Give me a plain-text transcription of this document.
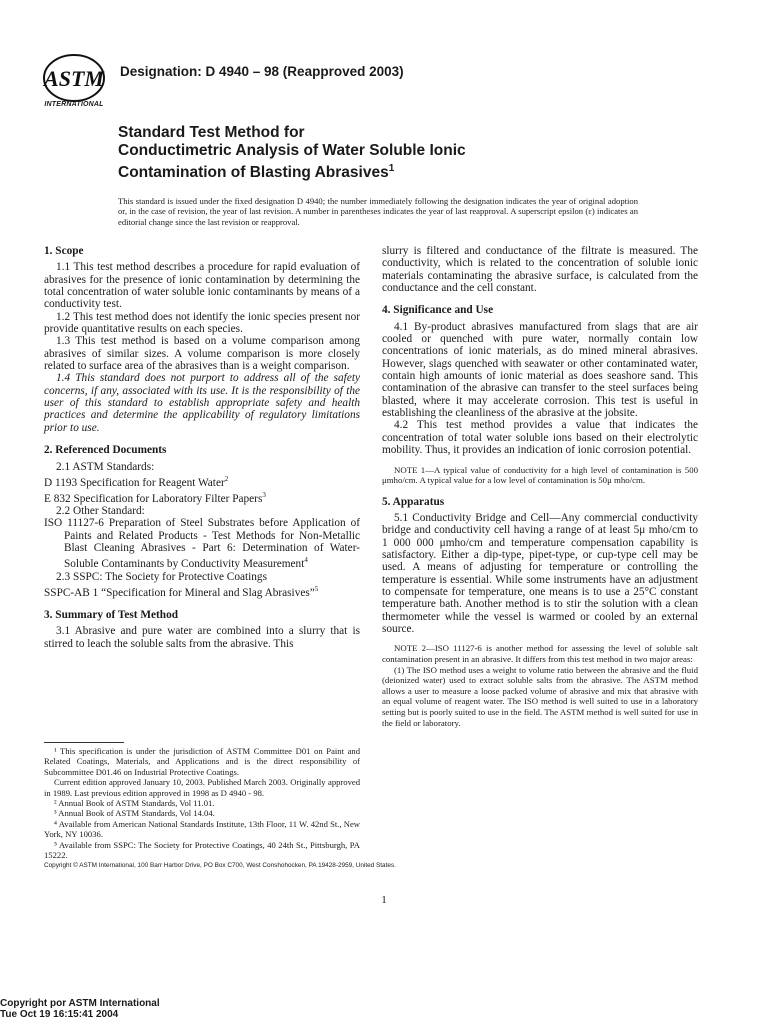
ASTM
INTERNATIONAL
Designation: D 4940 – 98 (Reapproved 2003)
Standard Test Method for
Conductimetric Analysis of Water Soluble Ionic
Contamination of Blasting Abrasives$^1$

This standard is issued under the fixed designation D 4940; the number immediately following the designation indicates the year of original adoption or, in the case of revision, the year of last revision. A number in parentheses indicates the year of last reapproval. A superscript epsilon (ε) indicates an editorial change since the last revision or reapproval.

1. Scope

1.1 This test method describes a procedure for rapid evaluation of abrasives for the presence of ionic contamination by determining the total concentration of water soluble ionic contaminants by means of a conductivity test.

1.2 This test method does not identify the ionic species present nor provide quantitative results on each species.

1.3 This test method is based on a volume comparison among abrasives of similar sizes. A volume comparison is more closely related to surface area of the abrasives than is a weight comparison.

1.4 This standard does not purport to address all of the safety concerns, if any, associated with its use. It is the responsibility of the user of this standard to establish appropriate safety and health practices and determine the applicability of regulatory limitations prior to use.

2. Referenced Documents

2.1 ASTM Standards:

D 1193 Specification for Reagent Water$^2$

E 832 Specification for Laboratory Filter Papers$^3$

2.2 Other Standard:

ISO 11127-6 Preparation of Steel Substrates before Application of Paints and Related Products - Test Methods for Non-Metallic Blast Cleaning Abrasives - Part 6: Determination of Water-Soluble Contaminants by Conductivity Measurement$^4$

2.3 SSPC: The Society for Protective Coatings

SSPC-AB 1 “Specification for Mineral and Slag Abrasives”$^5$

3. Summary of Test Method

3.1 Abrasive and pure water are combined into a slurry that is stirred to leach the soluble salts from the abrasive. This

slurry is filtered and conductance of the filtrate is measured. The conductivity, which is related to the concentration of soluble ionic materials contaminating the abrasive surface, is calculated from the conductance and the cell constant.

4. Significance and Use

4.1 By-product abrasives manufactured from slags that are air cooled or quenched with pure water, normally contain low concentrations of ionic materials, as do mined mineral abrasives. However, slags quenched with seawater or other contaminated water, contain high amounts of ionic material as does seashore sand. This contamination of the abrasive can transfer to the steel surfaces being blasted, where it may accelerate corrosion. This test is useful in establishing the cleanliness of the abrasive at the jobsite.

4.2 This test method provides a value that indicates the concentration of total water soluble ions based on their electrolytic mobility. Thus, it provides an indication of ionic corrosion potential.

NOTE 1—A typical value of conductivity for a high level of contamination is 500 μmho/cm. A typical value for a low level of contamination is 50μ mho/cm.

5. Apparatus

5.1 Conductivity Bridge and Cell—Any commercial conductivity bridge and conductivity cell having a range of at least 5μ mho/cm to 1 000 000 μmho/cm and temperature compensation capability is satisfactory. Either a dip-type, pipet-type, or cup-type cell may be used. A means of adjusting for temperature or controlling the temperature is essential. While some instruments have an adjustment to compensate for temperature, one means is to use a 25°C constant temperature bath. Another method is to stir the solution with a clean thermometer while the vessel is warmed or cooled by an external source.

NOTE 2—ISO 11127-6 is another method for assessing the level of soluble salt contamination present in an abrasive. It differs from this test method in two major areas:

(1) The ISO method uses a weight to volume ratio between the abrasive and the fluid (deionized water) used to extract soluble salts from the abrasive. The ASTM method allows a user to measure a loose packed volume of abrasive and mix that abrasive with an equal volume of reagent water. The ISO method is well suited to use in a laboratory setting but is poorly suited to use in the field. The ASTM method is well suited for use in the field or laboratory.

¹ This specification is under the jurisdiction of ASTM Committee D01 on Paint and Related Coatings, Materials, and Applications and is the direct responsibility of Subcommittee D01.46 on Industrial Protective Coatings.

Current edition approved January 10, 2003. Published March 2003. Originally approved in 1989. Last previous edition approved in 1998 as D 4940 - 98.

² Annual Book of ASTM Standards, Vol 11.01.

³ Annual Book of ASTM Standards, Vol 14.04.

⁴ Available from American National Standards Institute, 13th Floor, 11 W. 42nd St., New York, NY 10036.

⁵ Available from SSPC: The Society for Protective Coatings, 40 24th St., Pittsburgh, PA 15222.

Copyright © ASTM International, 100 Barr Harbor Drive, PO Box C700, West Conshohocken, PA 19428-2959, United States.
1
Copyright por ASTM International
Tue Oct 19 16:15:41 2004
